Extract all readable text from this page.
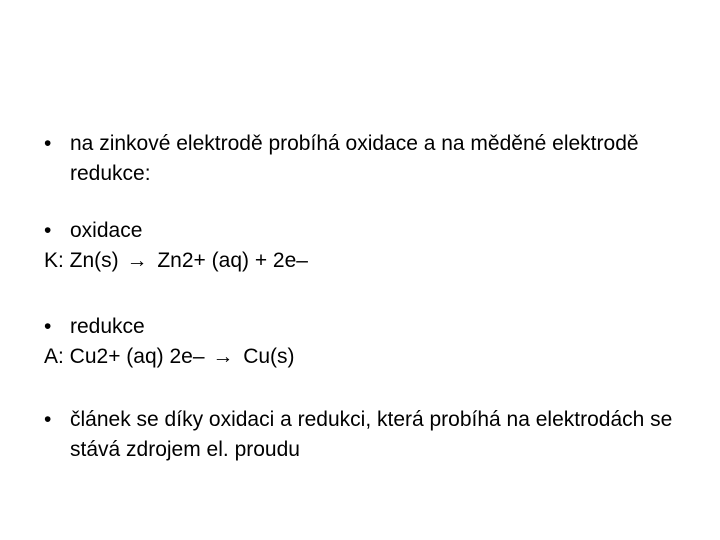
• na zinkové elektrodě probíhá oxidace a na měděné elektrodě redukce:
• oxidace
K: Zn(s) → Zn2+ (aq) + 2e–
• redukce
A: Cu2+ (aq) 2e– → Cu(s)
• článek se díky oxidaci a redukci, která probíhá na elektrodách se stává zdrojem el. proudu
